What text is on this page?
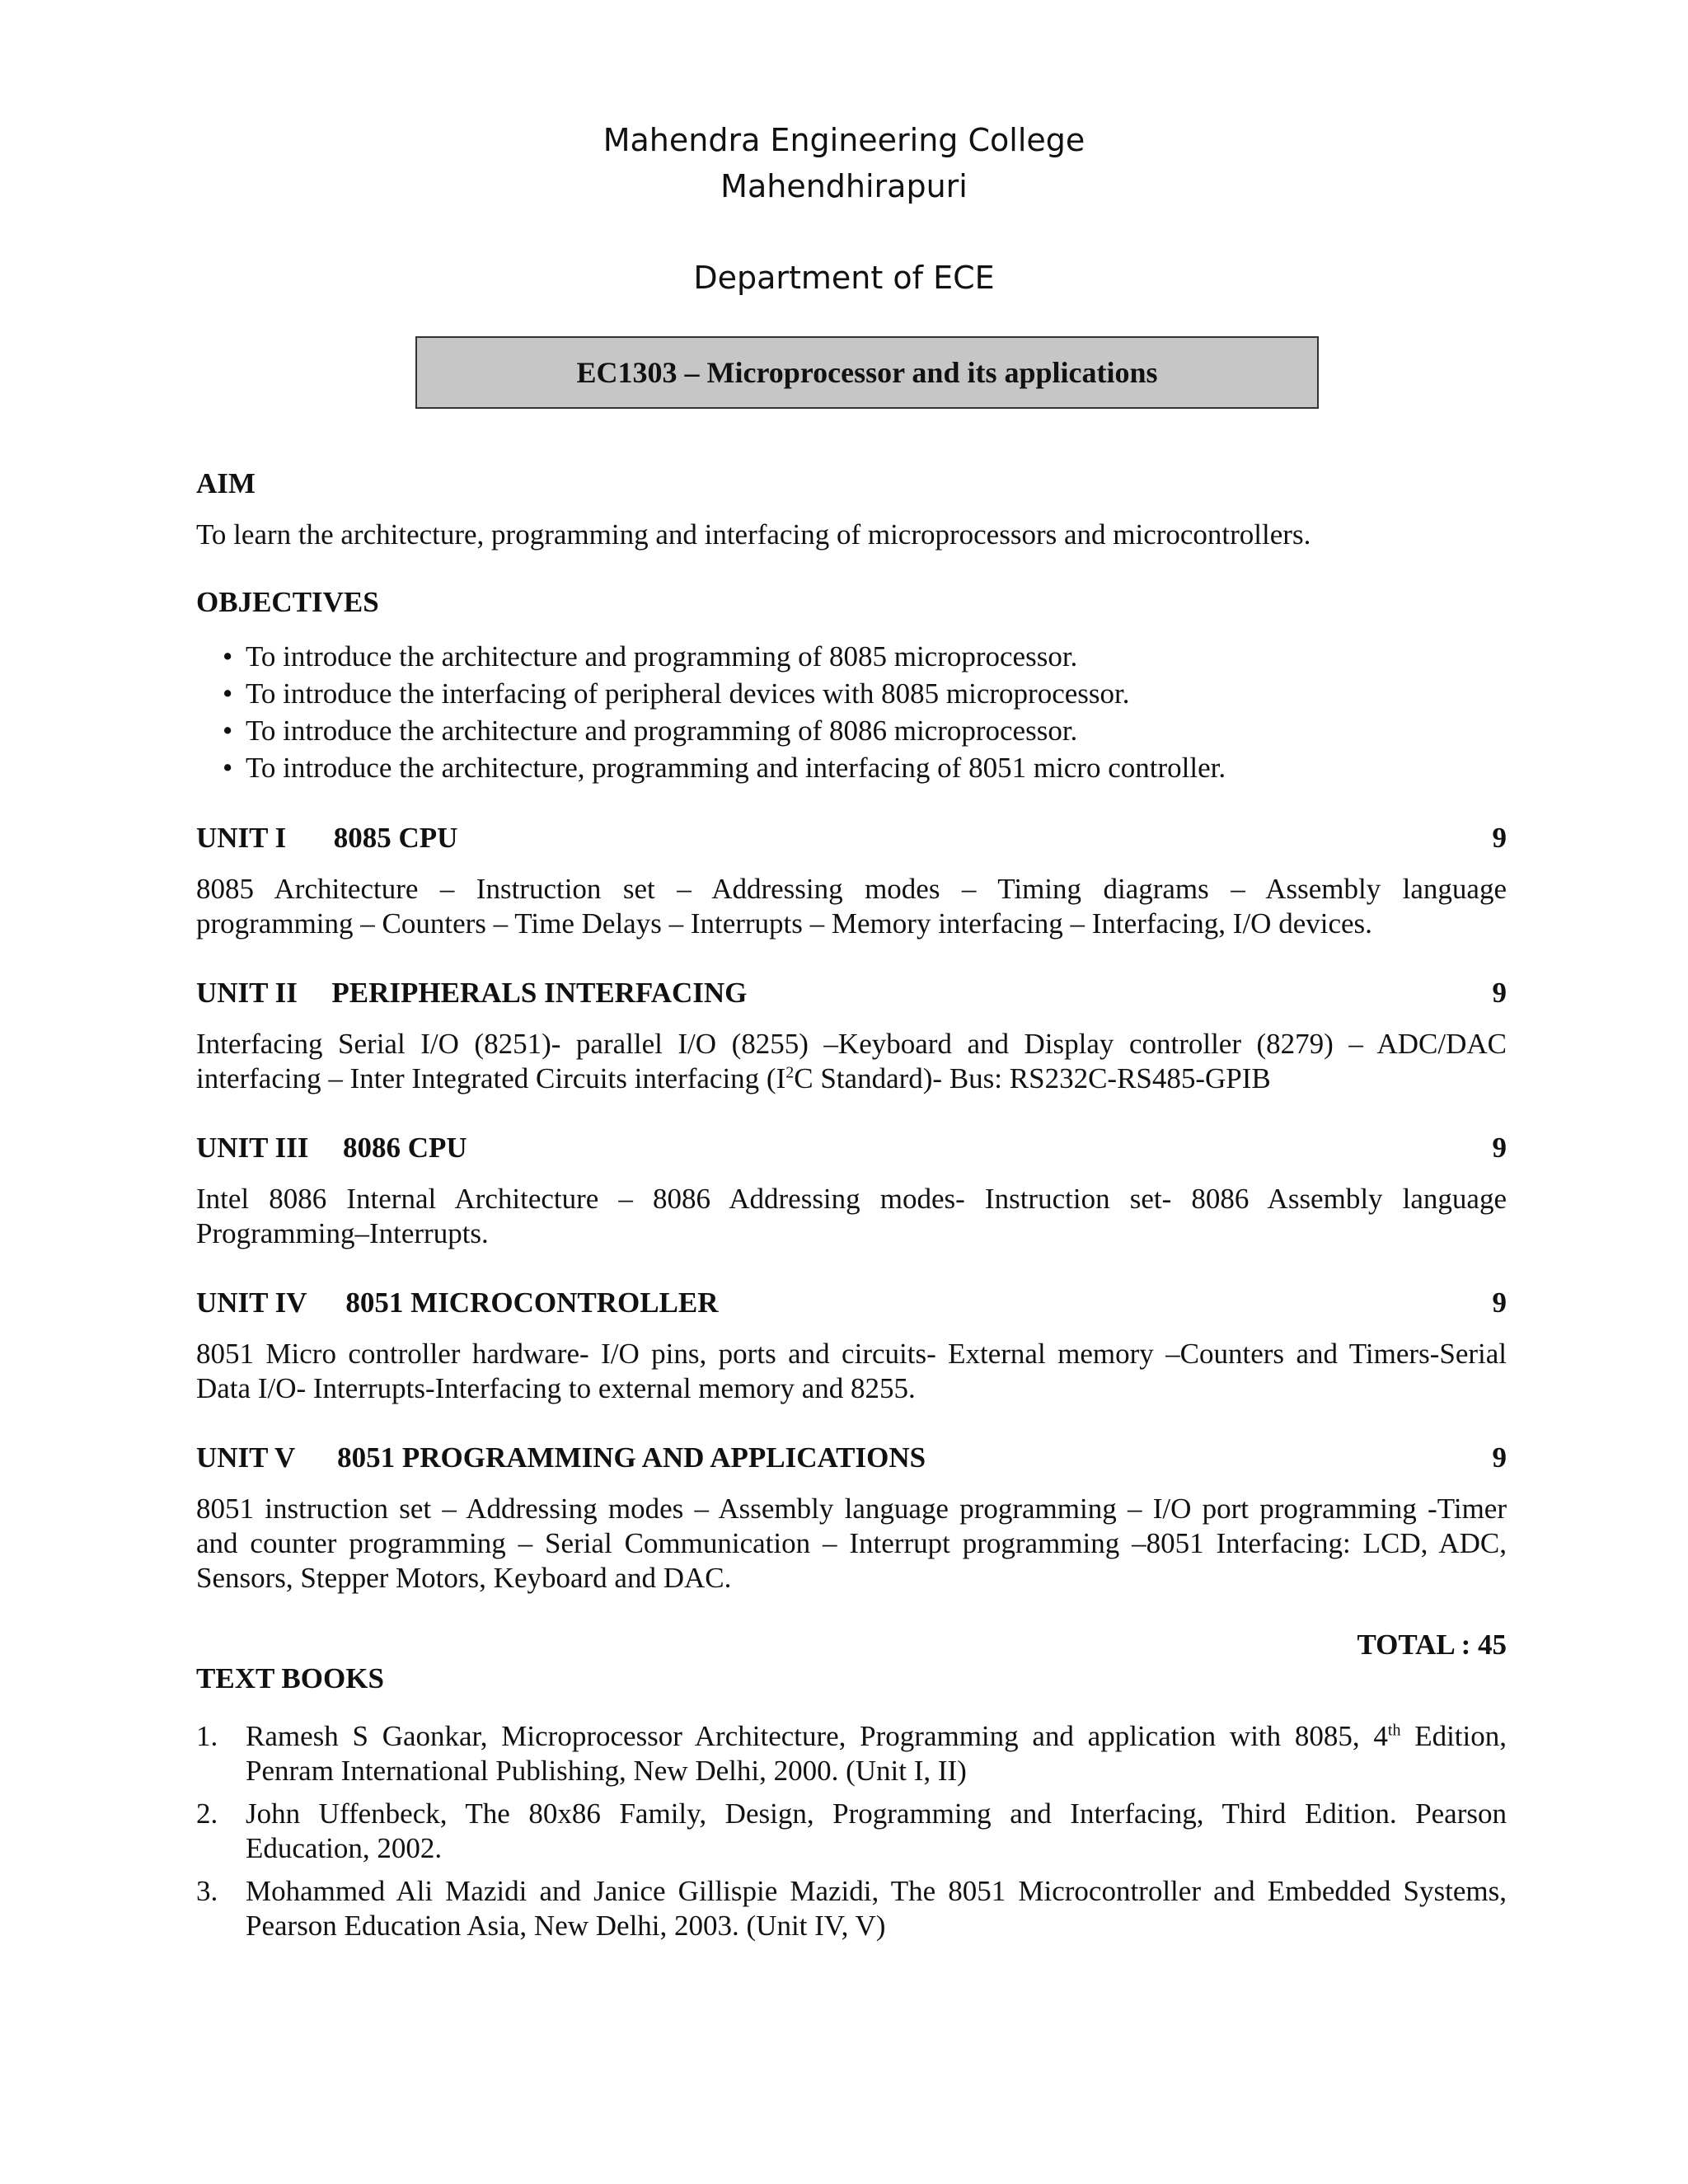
Mahendra Engineering College
Mahendhirapuri
Department of ECE
EC1303 – Microprocessor and its applications
AIM
To learn the architecture, programming and interfacing of microprocessors and microcontrollers.
OBJECTIVES
• To introduce the architecture and programming of 8085 microprocessor.
• To introduce the interfacing of peripheral devices with 8085 microprocessor.
• To introduce the architecture and programming of 8086 microprocessor.
• To introduce the architecture, programming and interfacing of 8051 micro controller.
UNIT I 8085 CPU	9
8085 Architecture – Instruction set – Addressing modes – Timing diagrams – Assembly language
programming – Counters – Time Delays – Interrupts – Memory interfacing – Interfacing, I/O devices.
UNIT II PERIPHERALS INTERFACING	9
Interfacing Serial I/O (8251)- parallel I/O (8255) –Keyboard and Display controller (8279) – ADC/DAC
interfacing – Inter Integrated Circuits interfacing ($I^2C$ Standard)- Bus: RS232C-RS485-GPIB
UNIT III 8086 CPU	9
Intel 8086 Internal Architecture – 8086 Addressing modes- Instruction set- 8086 Assembly language
Programming–Interrupts.
UNIT IV 8051 MICROCONTROLLER	9
8051 Micro controller hardware- I/O pins, ports and circuits- External memory –Counters and Timers-Serial
Data I/O- Interrupts-Interfacing to external memory and 8255.
UNIT V 8051 PROGRAMMING AND APPLICATIONS	9
8051 instruction set – Addressing modes – Assembly language programming – I/O port programming -Timer
and counter programming – Serial Communication – Interrupt programming –8051 Interfacing: LCD, ADC,
Sensors, Stepper Motors, Keyboard and DAC.
TOTAL : 45
TEXT BOOKS
1. Ramesh S Gaonkar, Microprocessor Architecture, Programming and application with 8085, 4th Edition,
Penram International Publishing, New Delhi, 2000. (Unit I, II)
2. John Uffenbeck, The 80x86 Family, Design, Programming and Interfacing, Third Edition. Pearson
Education, 2002.
3. Mohammed Ali Mazidi and Janice Gillispie Mazidi, The 8051 Microcontroller and Embedded Systems,
Pearson Education Asia, New Delhi, 2003. (Unit IV, V)
